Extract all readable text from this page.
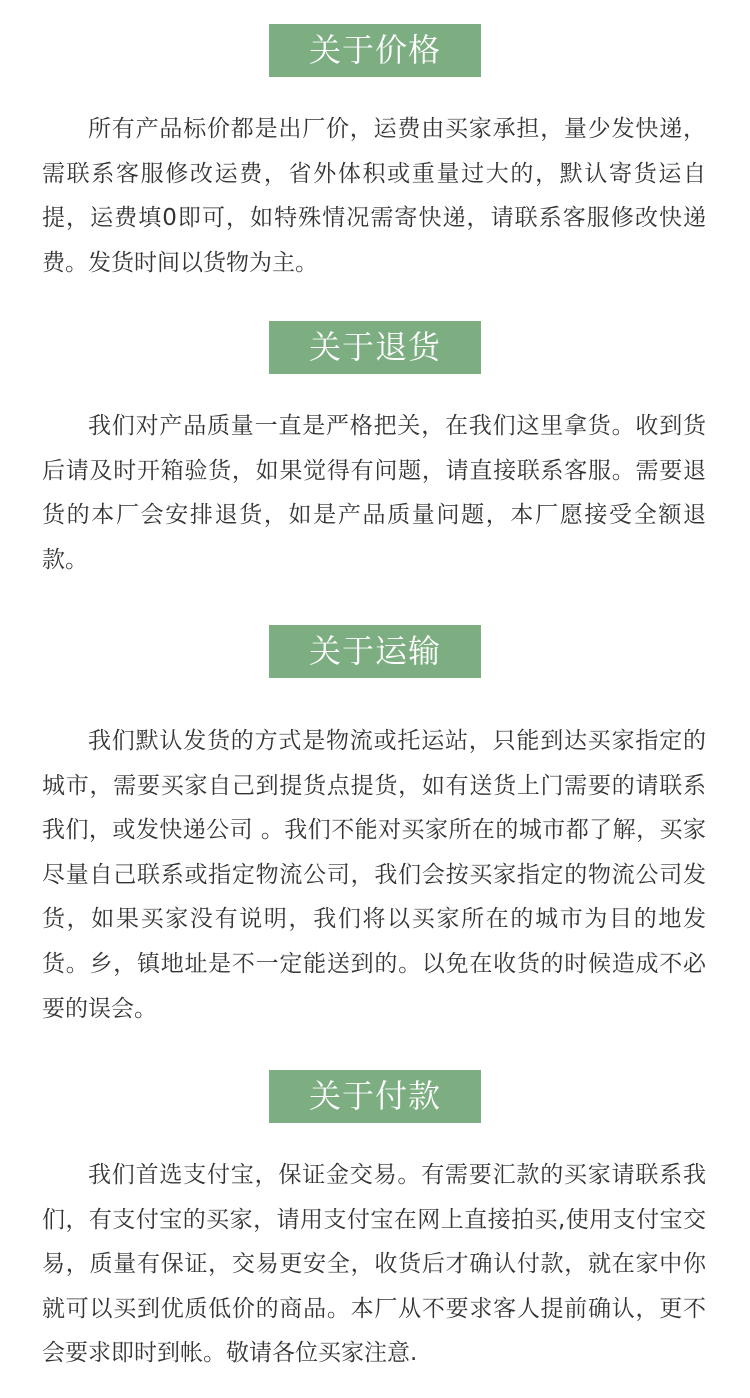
关于价格

所有产品标价都是出厂价，运费由买家承担，量少发快递，需联系客服修改运费，省外体积或重量过大的，默认寄货运自提，运费填0即可，如特殊情况需寄快递，请联系客服修改快递费。发货时间以货物为主。

关于退货

我们对产品质量一直是严格把关，在我们这里拿货。收到货后请及时开箱验货，如果觉得有问题，请直接联系客服。需要退货的本厂会安排退货，如是产品质量问题，本厂愿接受全额退款。

关于运输

我们默认发货的方式是物流或托运站，只能到达买家指定的城市，需要买家自己到提货点提货，如有送货上门需要的请联系我们，或发快递公司 。我们不能对买家所在的城市都了解，买家尽量自己联系或指定物流公司，我们会按买家指定的物流公司发货，如果买家没有说明，我们将以买家所在的城市为目的地发货。乡，镇地址是不一定能送到的。以免在收货的时候造成不必要的误会。

关于付款

我们首选支付宝，保证金交易。有需要汇款的买家请联系我们，有支付宝的买家，请用支付宝在网上直接拍买,使用支付宝交易，质量有保证，交易更安全，收货后才确认付款，就在家中你就可以买到优质低价的商品。本厂从不要求客人提前确认，更不会要求即时到帐。敬请各位买家注意.
